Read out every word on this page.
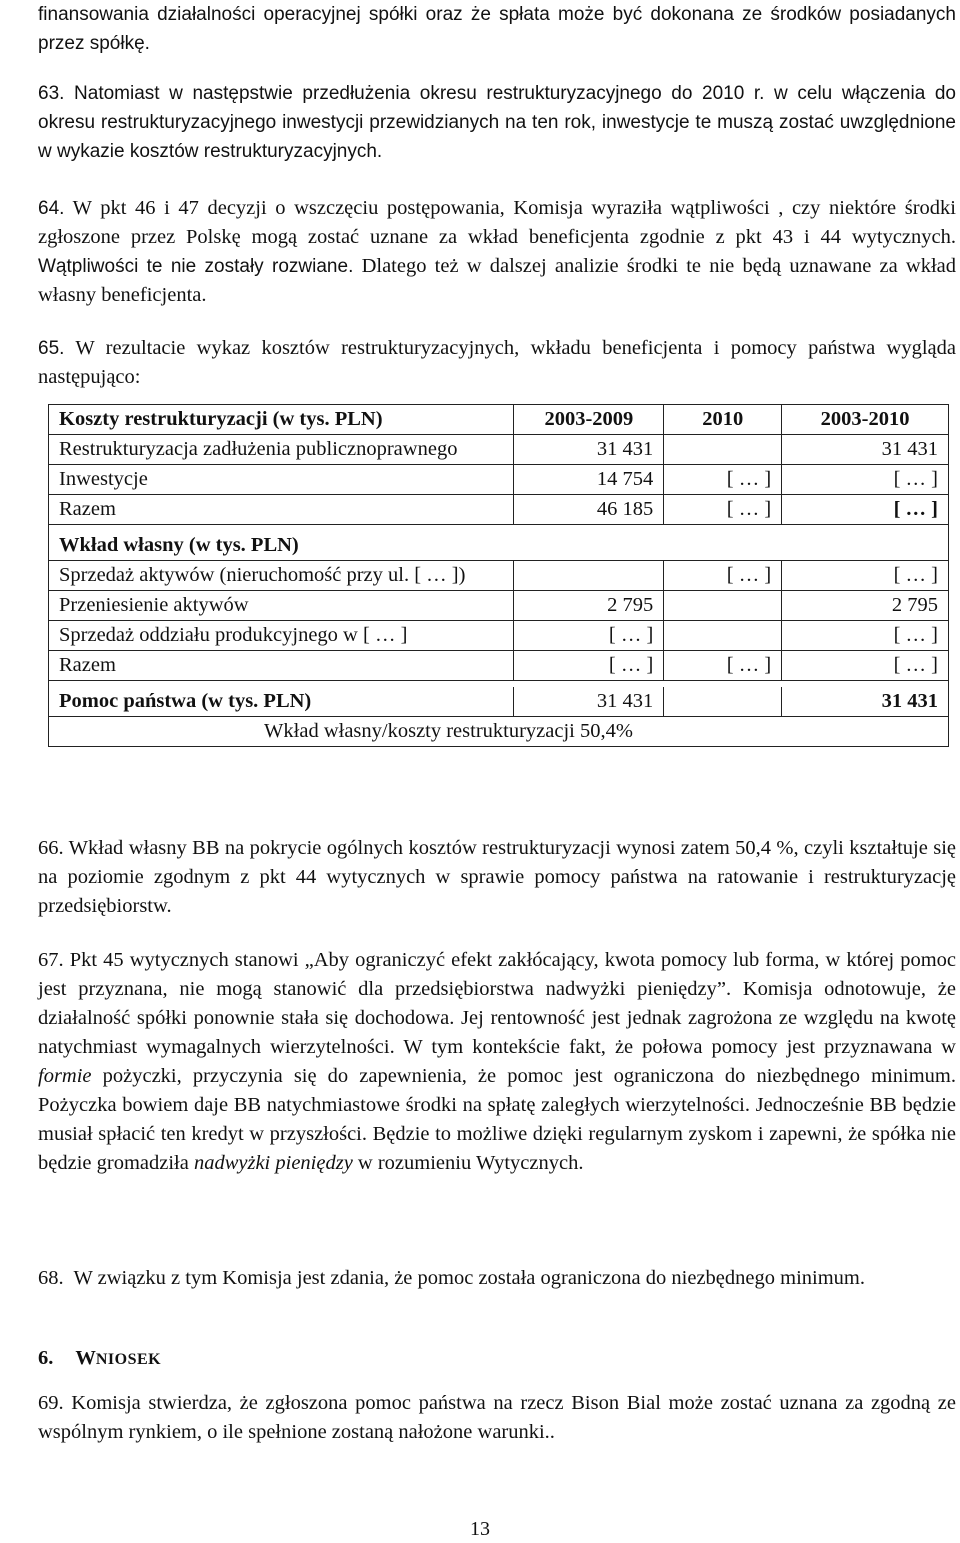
finansowania działalności operacyjnej spółki oraz że spłata może być dokonana ze środków posiadanych przez spółkę.
63. Natomiast w następstwie przedłużenia okresu restrukturyzacyjnego do 2010 r. w celu włączenia do okresu restrukturyzacyjnego inwestycji przewidzianych na ten rok, inwestycje te muszą zostać uwzględnione w wykazie kosztów restrukturyzacyjnych.
64. W pkt 46 i 47 decyzji o wszczęciu postępowania, Komisja wyraziła wątpliwości , czy niektóre środki zgłoszone przez Polskę mogą zostać uznane za wkład beneficjenta zgodnie z pkt 43 i 44 wytycznych. Wątpliwości te nie zostały rozwiane. Dlatego też w dalszej analizie środki te nie będą uznawane za wkład własny beneficjenta.
65. W rezultacie wykaz kosztów restrukturyzacyjnych, wkładu beneficjenta i pomocy państwa wygląda następująco:
Koszty restrukturyzacji (w tys. PLN)	2003-2009	2010	2003-2010
Restrukturyzacja zadłużenia publicznoprawnego	31 431		31 431
Inwestycje	14 754	[ … ]	[ … ]
Razem	46 185	[ … ]	[ … ]

Wkład własny (w tys. PLN)			
Sprzedaż aktywów (nieruchomość przy ul. [ … ])		[ … ]	[ … ]
Przeniesienie aktywów	2 795		2 795
Sprzedaż oddziału produkcyjnego w [ … ]	[ … ]		[ … ]
Razem	[ … ]	[ … ]	[ … ]

Pomoc państwa (w tys. PLN)	31 431		31 431
Wkład własny/koszty restrukturyzacji 50,4%			
66. Wkład własny BB na pokrycie ogólnych kosztów restrukturyzacji wynosi zatem 50,4 %, czyli kształtuje się na poziomie zgodnym z pkt 44 wytycznych w sprawie pomocy państwa na ratowanie i restrukturyzację przedsiębiorstw.
67. Pkt 45 wytycznych stanowi „Aby ograniczyć efekt zakłócający, kwota pomocy lub forma, w której pomoc jest przyznana, nie mogą stanowić dla przedsiębiorstwa nadwyżki pieniędzy”. Komisja odnotowuje, że działalność spółki ponownie stała się dochodowa. Jej rentowność jest jednak zagrożona ze względu na kwotę natychmiast wymagalnych wierzytelności. W tym kontekście fakt, że połowa pomocy jest przyznawana w formie pożyczki, przyczynia się do zapewnienia, że pomoc jest ograniczona do niezbędnego minimum. Pożyczka bowiem daje BB natychmiastowe środki na spłatę zaległych wierzytelności. Jednocześnie BB będzie musiał spłacić ten kredyt w przyszłości. Będzie to możliwe dzięki regularnym zyskom i zapewni, że spółka nie będzie gromadziła nadwyżki pieniędzy w rozumieniu Wytycznych.
68. W związku z tym Komisja jest zdania, że pomoc została ograniczona do niezbędnego minimum.
6. WNIOSEK
69. Komisja stwierdza, że zgłoszona pomoc państwa na rzecz Bison Bial może zostać uznana za zgodną ze wspólnym rynkiem, o ile spełnione zostaną nałożone warunki..
13
